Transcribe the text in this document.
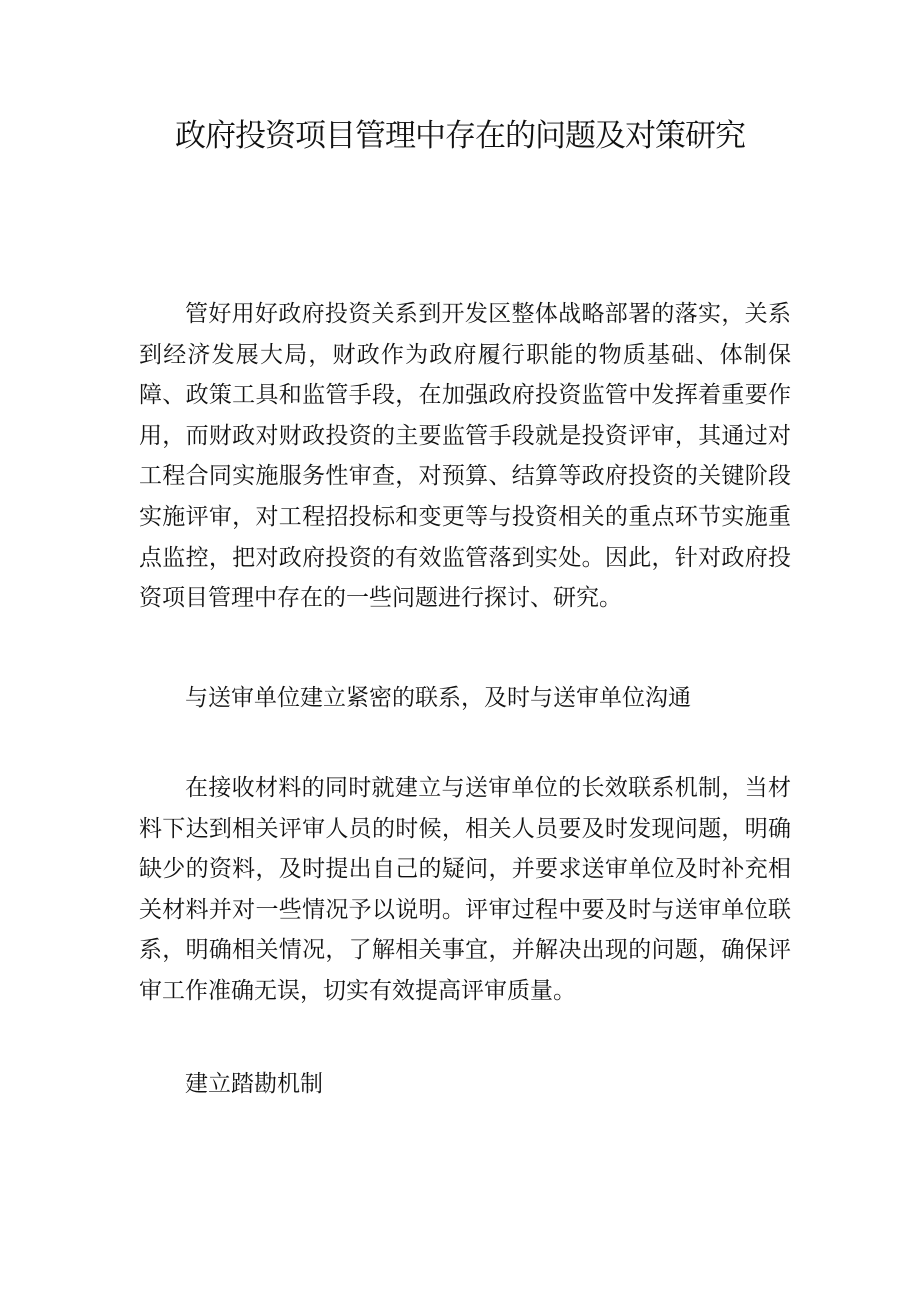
政府投资项目管理中存在的问题及对策研究

管好用好政府投资关系到开发区整体战略部署的落实，关系到经济发展大局，财政作为政府履行职能的物质基础、体制保障、政策工具和监管手段，在加强政府投资监管中发挥着重要作用，而财政对财政投资的主要监管手段就是投资评审，其通过对工程合同实施服务性审查，对预算、结算等政府投资的关键阶段实施评审，对工程招投标和变更等与投资相关的重点环节实施重点监控，把对政府投资的有效监管落到实处。因此，针对政府投资项目管理中存在的一些问题进行探讨、研究。

与送审单位建立紧密的联系，及时与送审单位沟通

在接收材料的同时就建立与送审单位的长效联系机制，当材料下达到相关评审人员的时候，相关人员要及时发现问题，明确缺少的资料，及时提出自己的疑问，并要求送审单位及时补充相关材料并对一些情况予以说明。评审过程中要及时与送审单位联系，明确相关情况，了解相关事宜，并解决出现的问题，确保评审工作准确无误，切实有效提高评审质量。

建立踏勘机制
